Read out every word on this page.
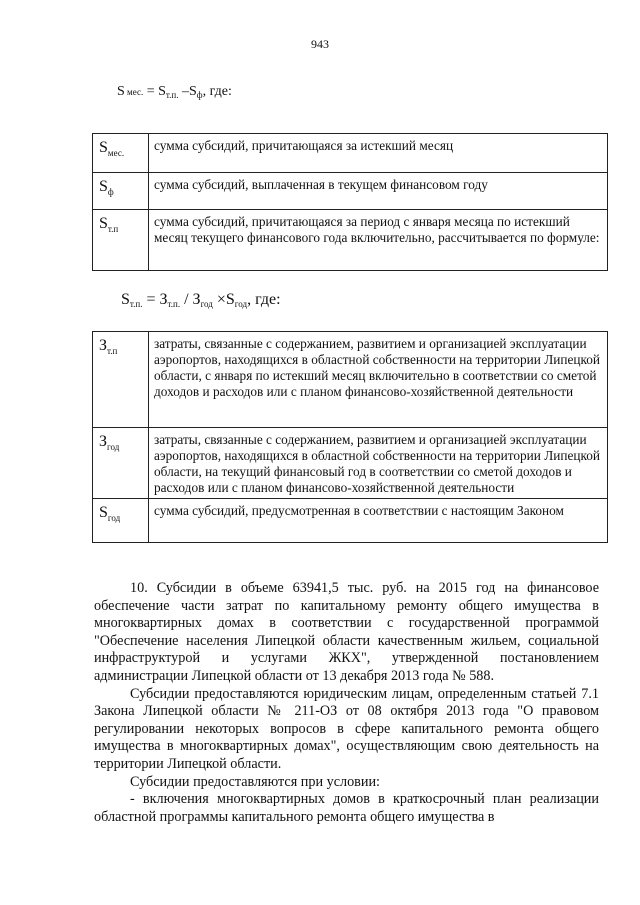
943
S мес. = $S_{т.п.}$ $-S_ф$, где:
$S_{мес.}$	сумма субсидий, причитающаяся за истекший месяц
$S_ф$	сумма субсидий, выплаченная в текущем финансовом году
$S_{т.п}$	сумма субсидий, причитающаяся за период с января месяца по истекший месяц текущего финансового года включительно, рассчитывается по формуле:
$S_{т.п.} = З_{т.п.} / З_{год} \times S_{год}$, где:
$З_{т.п}$	затраты, связанные с содержанием, развитием и организацией эксплуатации аэропортов, находящихся в областной собственности на территории Липецкой области, с января по истекший месяц включительно в соответствии со сметой доходов и расходов или с планом финансово-хозяйственной деятельности
$З_{год}$	затраты, связанные с содержанием, развитием и организацией эксплуатации аэропортов, находящихся в областной собственности на территории Липецкой области, на текущий финансовый год в соответствии со сметой доходов и расходов или с планом финансово-хозяйственной деятельности
$S_{год}$	сумма субсидий, предусмотренная в соответствии с настоящим Законом

10. Субсидии в объеме 63941,5 тыс. руб. на 2015 год на финансовое обеспечение части затрат по капитальному ремонту общего имущества в многоквартирных домах в соответствии с государственной программой "Обеспечение населения Липецкой области качественным жильем, социальной инфраструктурой и услугами ЖКХ", утвержденной постановлением администрации Липецкой области от 13 декабря 2013 года № 588.

Субсидии предоставляются юридическим лицам, определенным статьей 7.1 Закона Липецкой области № 211-ОЗ от 08 октября 2013 года "О правовом регулировании некоторых вопросов в сфере капитального ремонта общего имущества в многоквартирных домах", осуществляющим свою деятельность на территории Липецкой области.

Субсидии предоставляются при условии:

- включения многоквартирных домов в краткосрочный план реализации областной программы капитального ремонта общего имущества в
